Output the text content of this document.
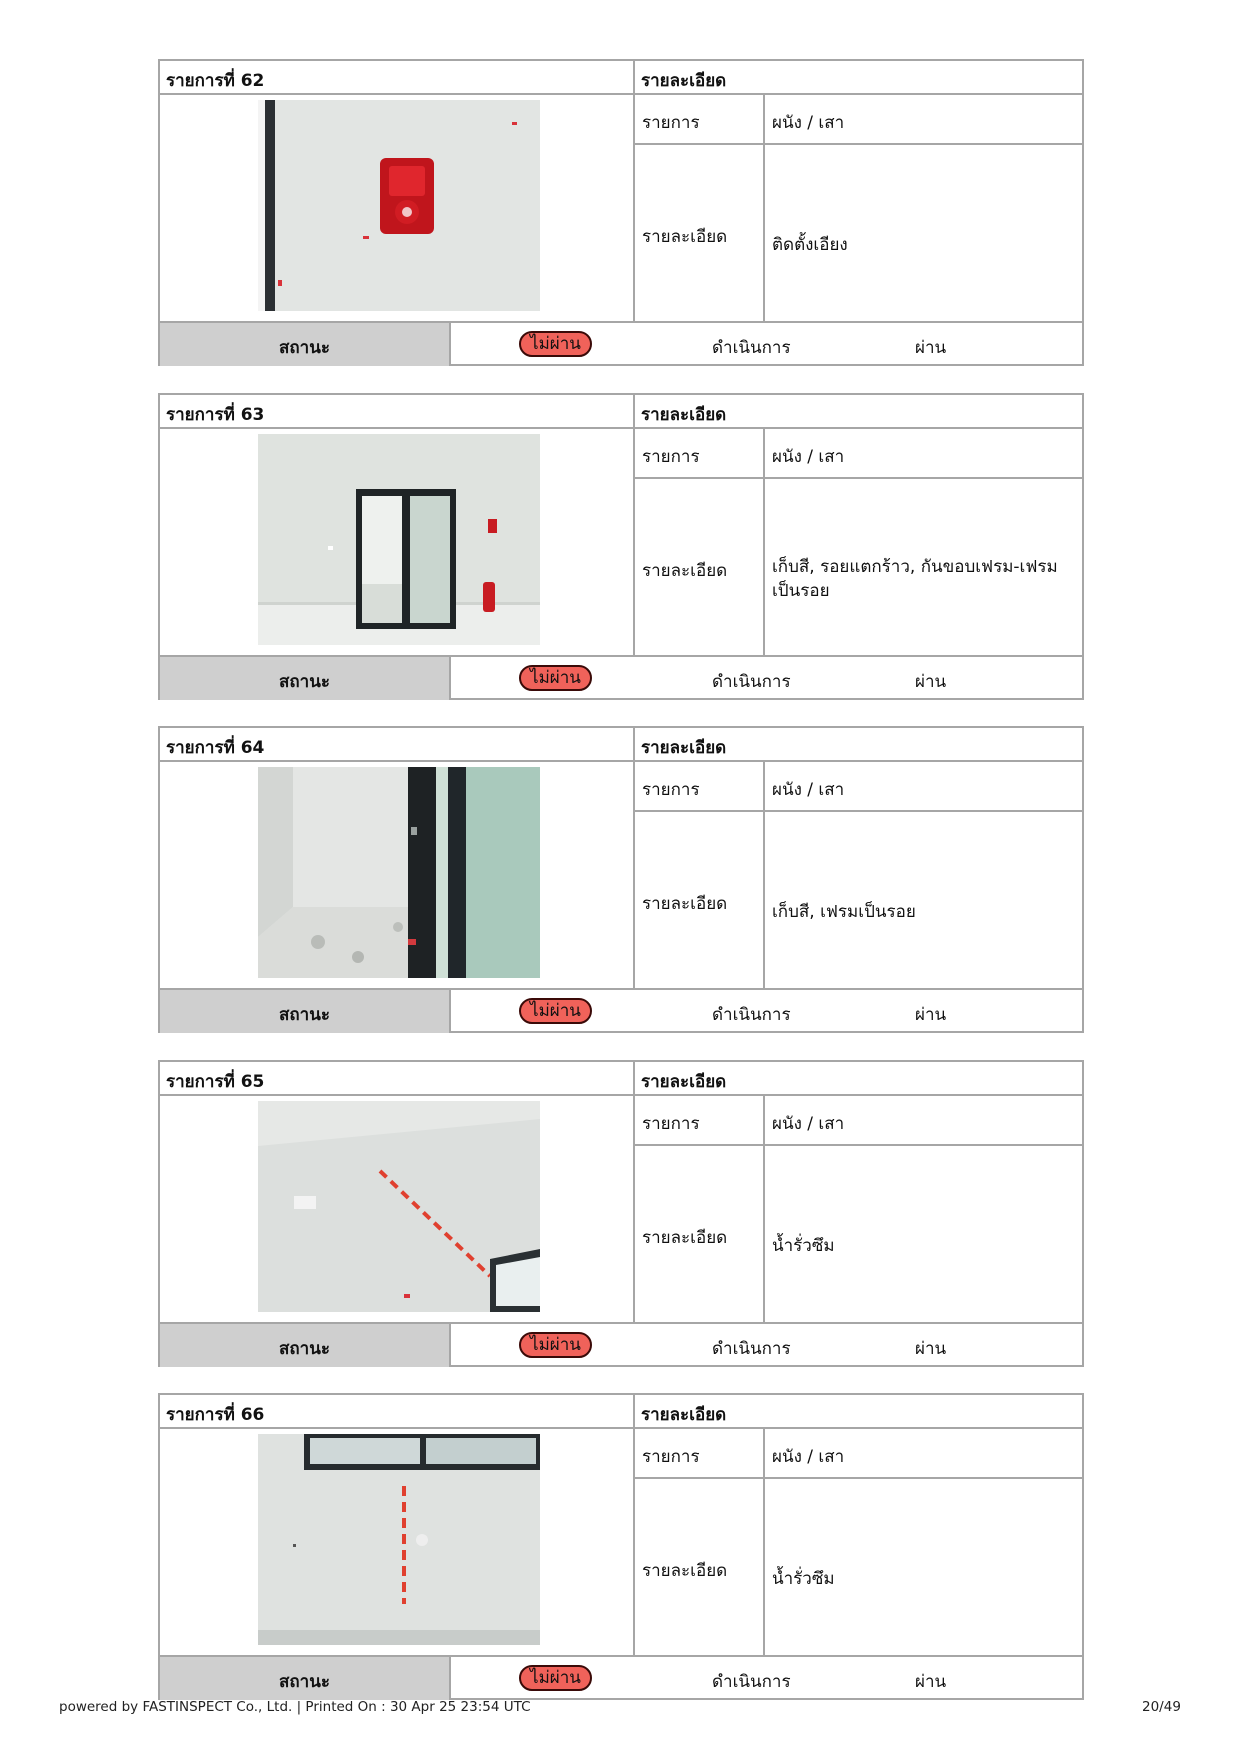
รายการที่ 62	รายละเอียด
รายการ	ผนัง / เสา
รายละเอียด	ติดตั้งเอียง
สถานะ	ไม่ผ่าน	ดำเนินการ	ผ่าน
รายการที่ 63	รายละเอียด
รายการ	ผนัง / เสา
รายละเอียด	เก็บสี, รอยแตกร้าว, กันขอบเฟรม-เฟรมเป็นรอย
สถานะ	ไม่ผ่าน	ดำเนินการ	ผ่าน
รายการที่ 64	รายละเอียด
รายการ	ผนัง / เสา
รายละเอียด	เก็บสี, เฟรมเป็นรอย
สถานะ	ไม่ผ่าน	ดำเนินการ	ผ่าน
รายการที่ 65	รายละเอียด
รายการ	ผนัง / เสา
รายละเอียด	น้ำรั่วซึม
สถานะ	ไม่ผ่าน	ดำเนินการ	ผ่าน
รายการที่ 66	รายละเอียด
รายการ	ผนัง / เสา
รายละเอียด	น้ำรั่วซึม
สถานะ	ไม่ผ่าน	ดำเนินการ	ผ่าน
powered by FASTINSPECT Co., Ltd. | Printed On : 30 Apr 25 23:54 UTC	20/49
